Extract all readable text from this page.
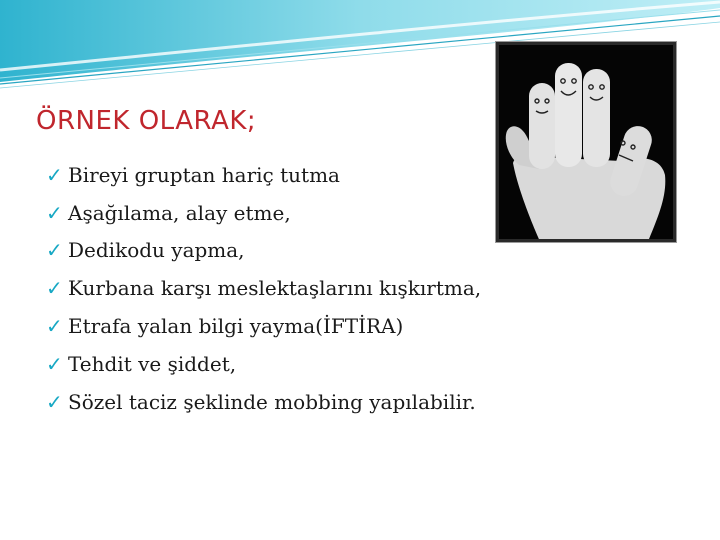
ÖRNEK OLARAK;
✓ Bireyi gruptan hariç tutma
✓ Aşağılama, alay etme,
✓ Dedikodu yapma,
✓ Kurbana karşı meslektaşlarını kışkırtma,
✓ Etrafa yalan bilgi yayma(İFTİRA)
✓ Tehdit ve şiddet,
✓ Sözel taciz şeklinde mobbing yapılabilir.
